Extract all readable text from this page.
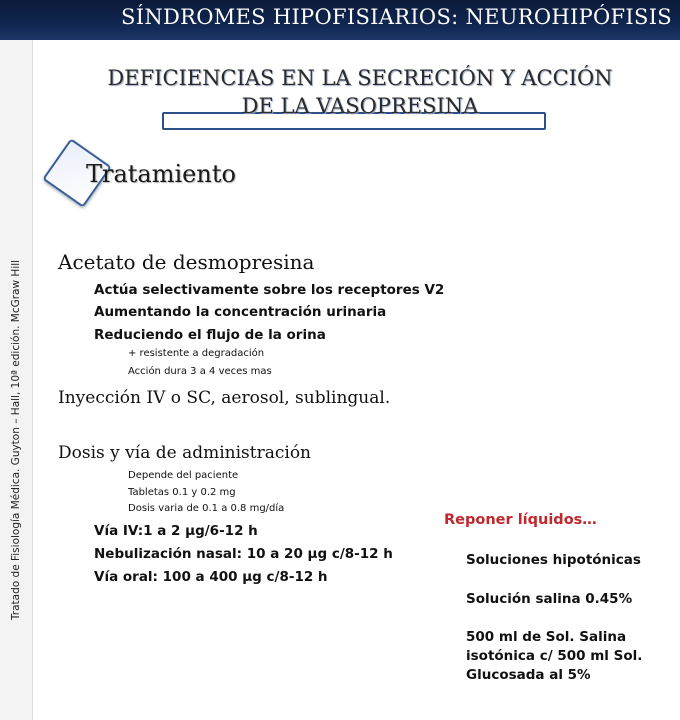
SÍNDROMES HIPOFISIARIOS: NEUROHIPÓFISIS
Tratado de Fisiología Médica. Guyton – Hall, 10ª edición. McGraw Hill
DEFICIENCIAS EN LA SECRECIÓN Y ACCIÓN
DE LA VASOPRESINA
Tratamiento
Acetato de desmopresina
Actúa selectivamente sobre los receptores V2
Aumentando la concentración urinaria
Reduciendo el flujo de la orina
+ resistente a degradación
Acción dura 3 a 4 veces mas
Inyección IV o SC, aerosol, sublingual.
Dosis y vía de administración
Depende del paciente
Tabletas 0.1 y 0.2 mg
Dosis varia de 0.1 a 0.8 mg/día
Vía IV:1 a 2 µg/6-12 h
Nebulización nasal: 10 a 20 µg c/8-12 h
Vía oral: 100 a 400 µg c/8-12 h
Reponer líquidos…
Soluciones hipotónicas
Solución salina 0.45%
500 ml de Sol. Salina isotónica c/ 500 ml Sol. Glucosada al 5%
